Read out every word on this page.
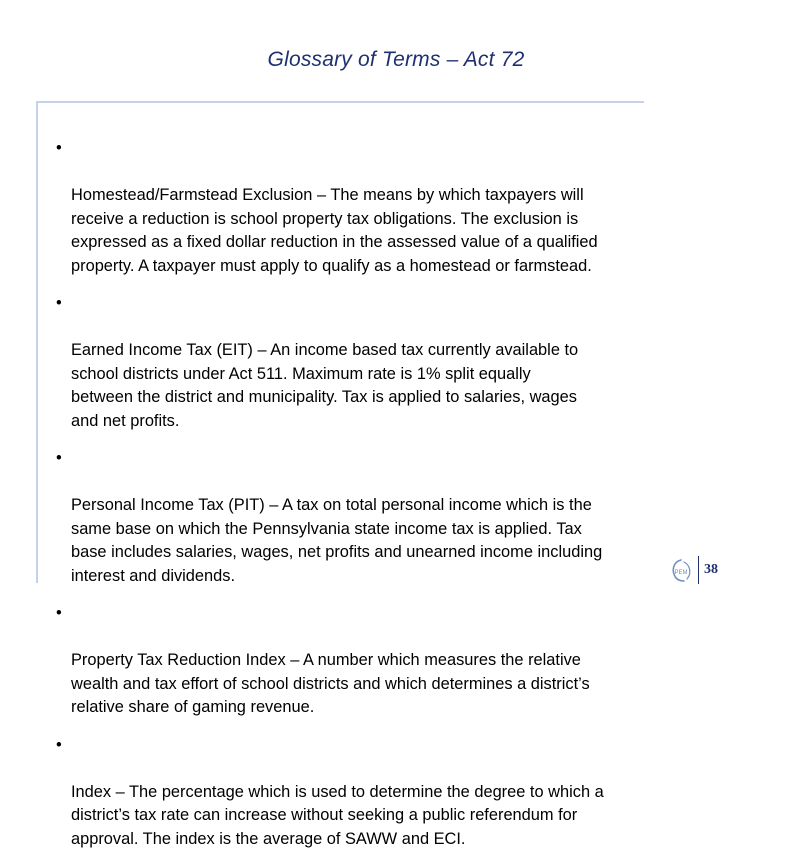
Glossary of Terms – Act 72

•

Homestead/Farmstead Exclusion – The means by which taxpayers will
receive a reduction is school property tax obligations. The exclusion is
expressed as a fixed dollar reduction in the assessed value of a qualified
property. A taxpayer must apply to qualify as a homestead or farmstead.

•

Earned Income Tax (EIT) – An income based tax currently available to
school districts under Act 511. Maximum rate is 1% split equally
between the district and municipality. Tax is applied to salaries, wages
and net profits.

•

Personal Income Tax (PIT) – A tax on total personal income which is the
same base on which the Pennsylvania state income tax is applied. Tax
base includes salaries, wages, net profits and unearned income including
interest and dividends.

•

Property Tax Reduction Index – A number which measures the relative
wealth and tax effort of school districts and which determines a district’s
relative share of gaming revenue.

•

Index – The percentage which is used to determine the degree to which a
district’s tax rate can increase without seeking a public referendum for
approval. The index is the average of SAWW and ECI.

PEM 38
